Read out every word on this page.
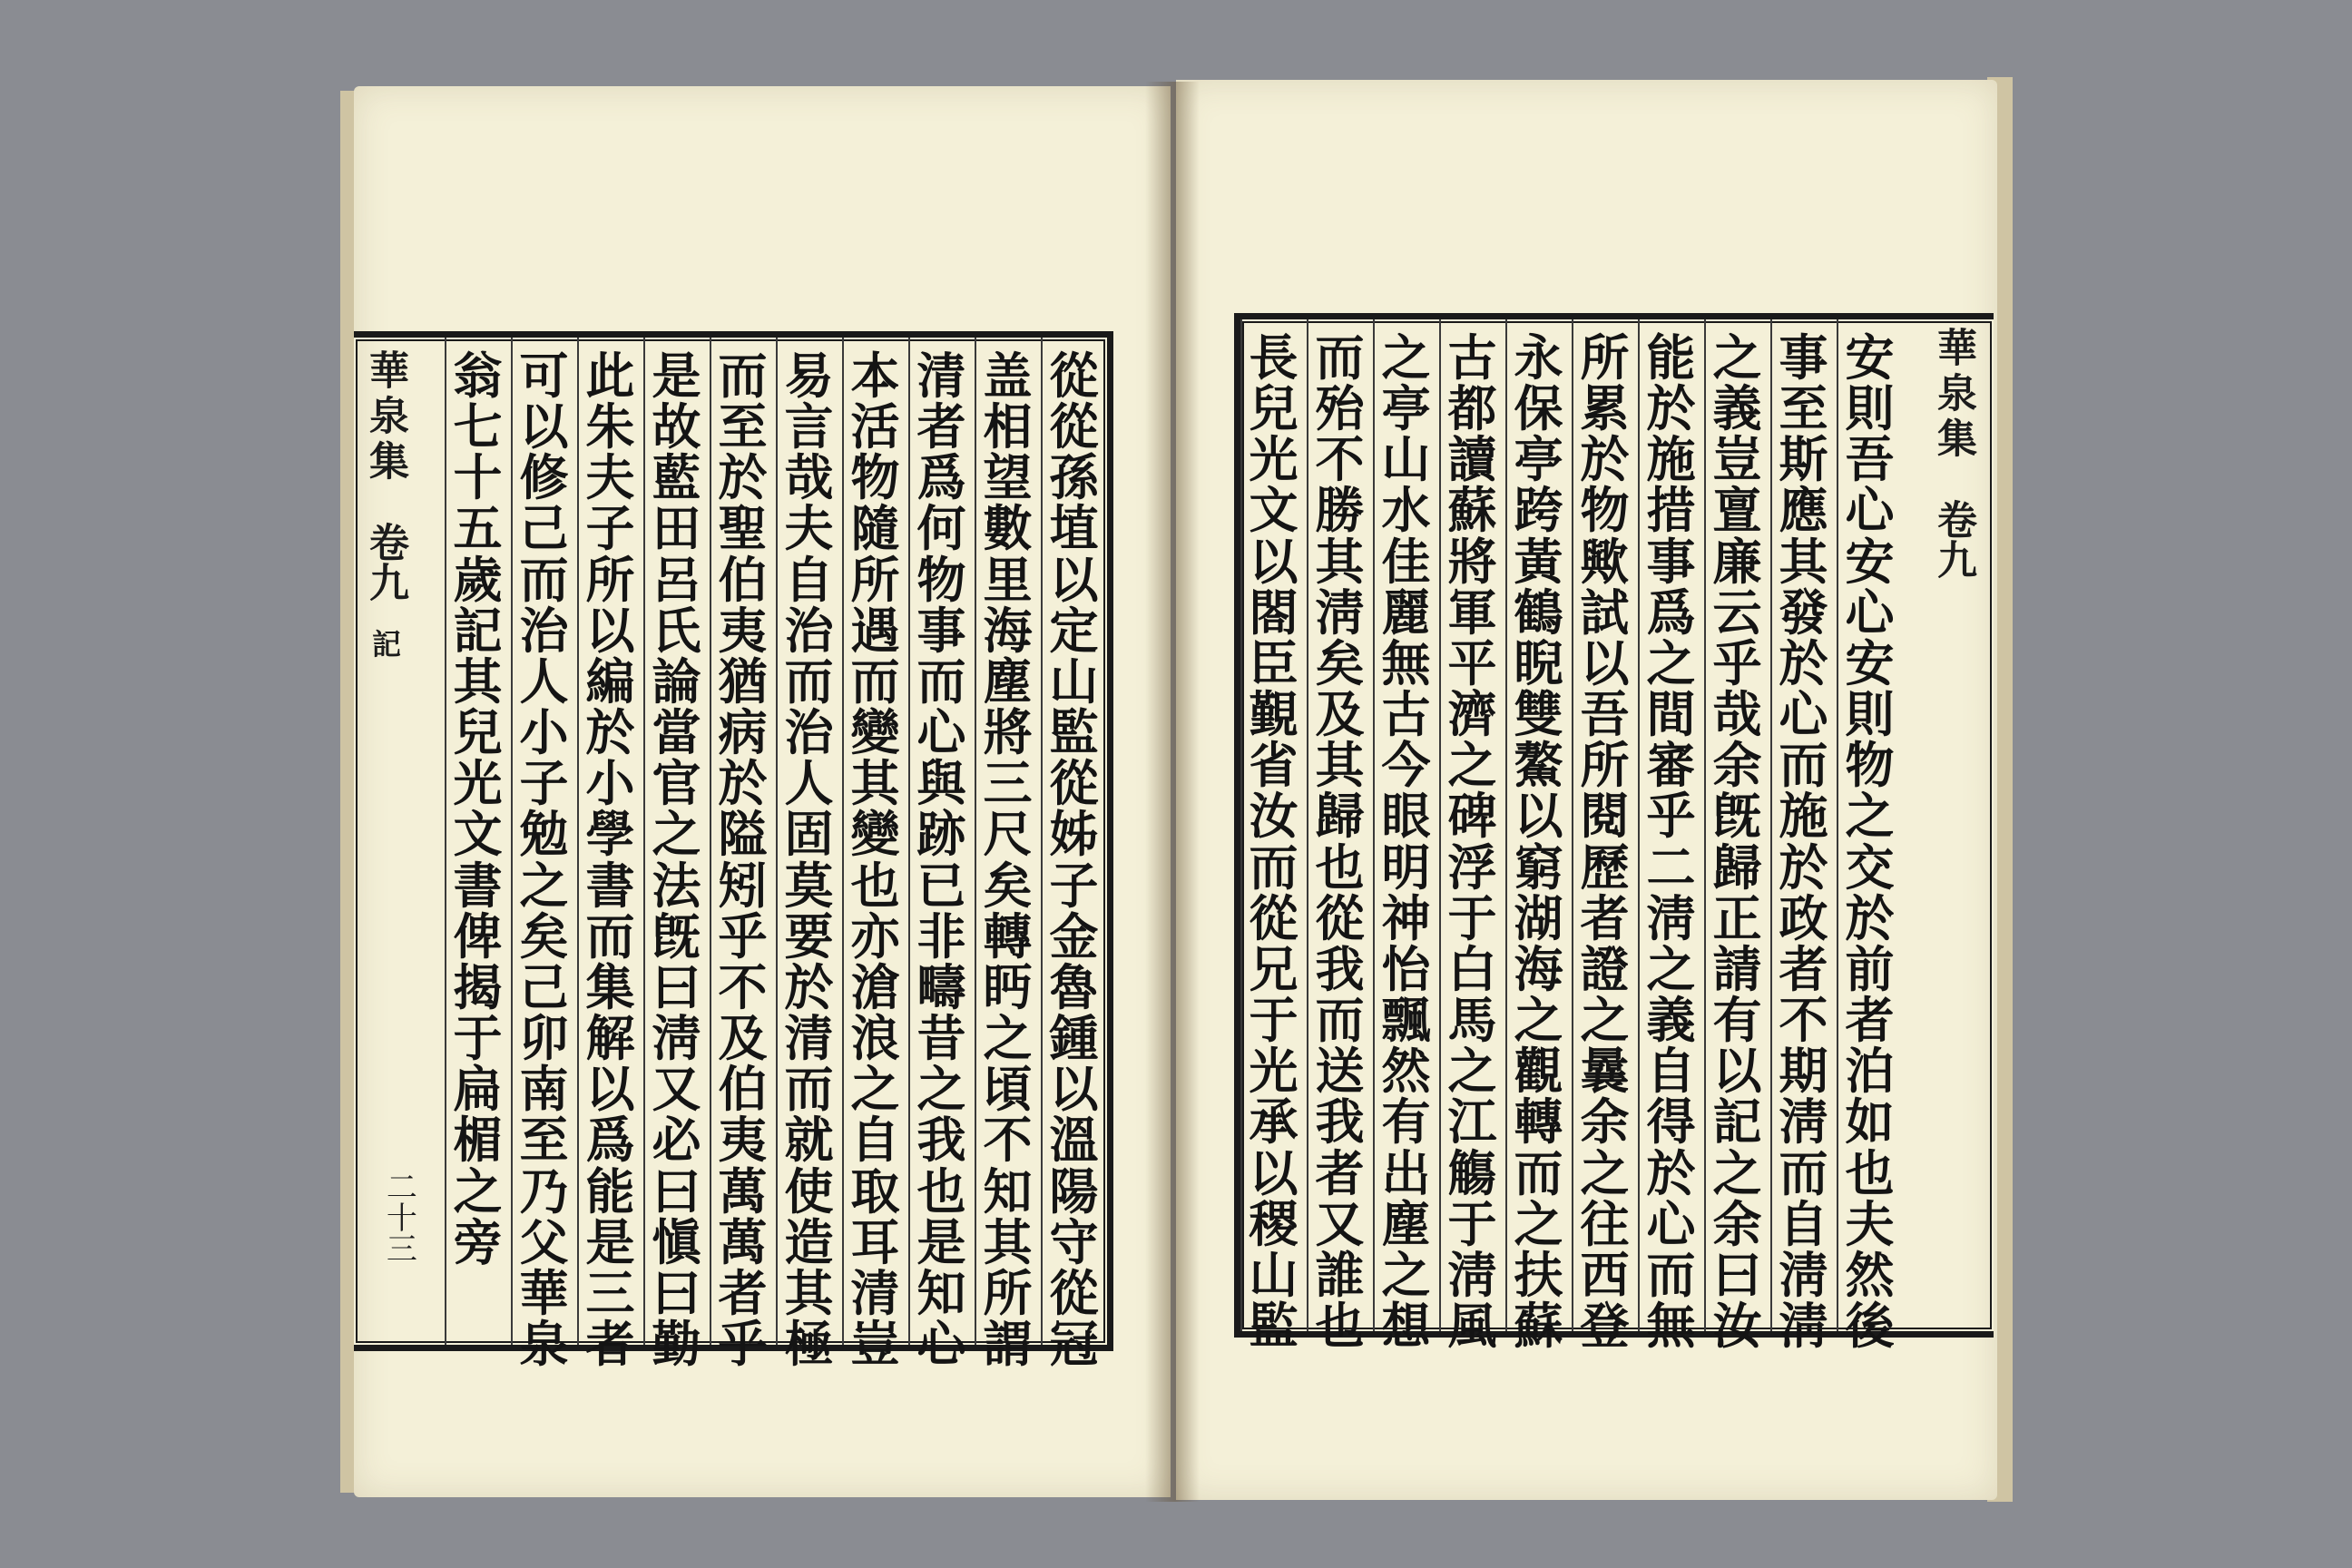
從
從
孫
埴
以
定
山
監
從
姊
子
金
魯
鍾
以
溫
陽
守
從
冠
盖
相
望
數
里
海
塵
將
三
尺
矣
轉
眄
之
頃
不
知
其
所
謂
清
者
爲
何
物
事
而
心
與
跡
已
非
疇
昔
之
我
也
是
知
心
本
活
物
隨
所
遇
而
變
其
變
也
亦
滄
浪
之
自
取
耳
清
豈
易
言
哉
夫
自
治
而
治
人
固
莫
要
於
清
而
就
使
造
其
極
而
至
於
聖
伯
夷
猶
病
於
隘
矧
乎
不
及
伯
夷
萬
萬
者
乎
是
故
藍
田
呂
氏
論
當
官
之
法
旣
曰
淸
又
必
曰
愼
曰
勤
此
朱
夫
子
所
以
編
於
小
學
書
而
集
解
以
爲
能
是
三
者
可
以
修
己
而
治
人
小
子
勉
之
矣
己
卯
南
至
乃
父
華
泉
翁
七
十
五
歲
記
其
兒
光
文
書
俾
揭
于
扁
楣
之
旁
華泉集
卷九
記
二十三
安
則
吾
心
安
心
安
則
物
之
交
於
前
者
泊
如
也
夫
然
後
事
至
斯
應
其
發
於
心
而
施
於
政
者
不
期
淸
而
自
淸
淸
之
義
豈
亶
廉
云
乎
哉
余
旣
歸
正
請
有
以
記
之
余
曰
汝
能
於
施
措
事
爲
之
間
審
乎
二
淸
之
義
自
得
於
心
而
無
所
累
於
物
歟
試
以
吾
所
閱
歷
者
證
之
曩
余
之
往
西
登
永
保
亭
跨
黃
鶴
睨
雙
鰲
以
窮
湖
海
之
觀
轉
而
之
扶
蘇
古
都
讀
蘇
將
軍
平
濟
之
碑
浮
于
白
馬
之
江
觴
于
淸
風
之
亭
山
水
佳
麗
無
古
今
眼
明
神
怡
飄
然
有
出
塵
之
想
而
殆
不
勝
其
淸
矣
及
其
歸
也
從
我
而
送
我
者
又
誰
也
長
兒
光
文
以
閤
臣
覲
省
汝
而
從
兄
于
光
承
以
稷
山
監
華泉集
卷九
